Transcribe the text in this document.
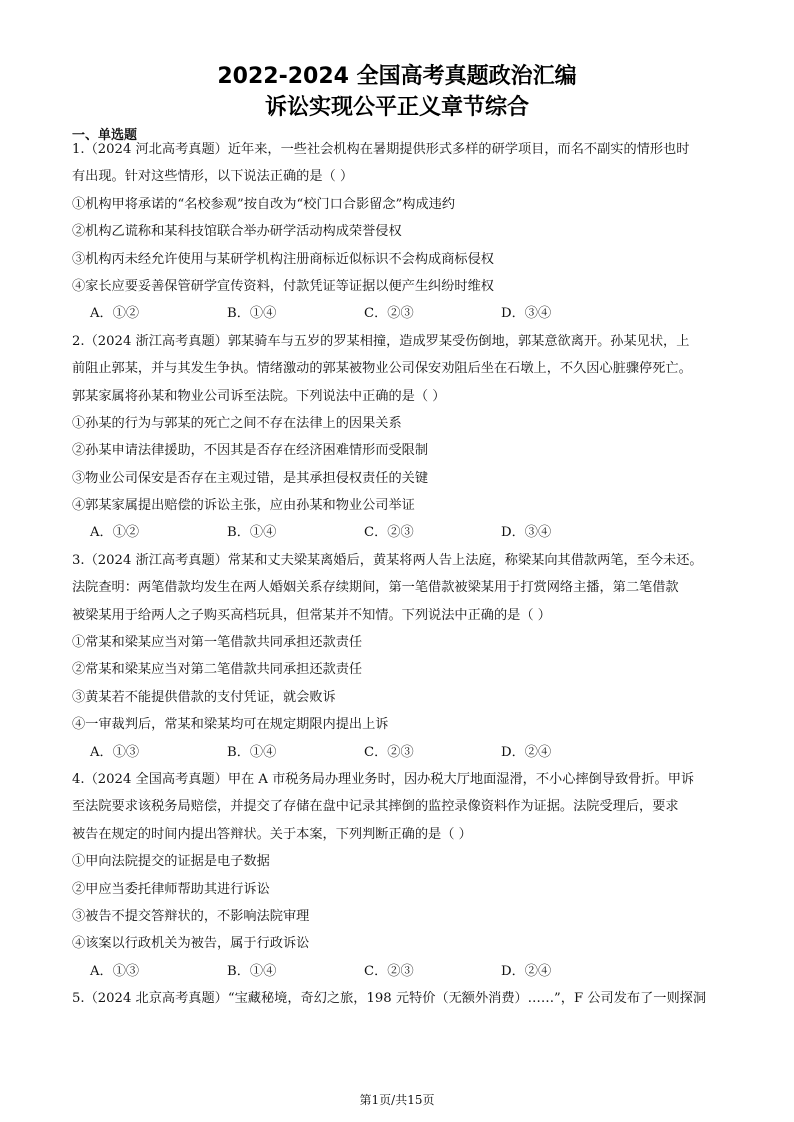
2022-2024 全国高考真题政治汇编
诉讼实现公平正义章节综合
一、单选题
1.（2024 河北高考真题）近年来，一些社会机构在暑期提供形式多样的研学项目，而名不副实的情形也时
有出现。针对这些情形，以下说法正确的是（ ）
①机构甲将承诺的“名校参观”按自改为“校门口合影留念”构成违约
②机构乙谎称和某科技馆联合举办研学活动构成荣誉侵权
③机构丙未经允许使用与某研学机构注册商标近似标识不会构成商标侵权
④家长应要妥善保管研学宣传资料，付款凭证等证据以便产生纠纷时维权
A．①②	B．①④	C．②③	D．③④
2.（2024 浙江高考真题）郭某骑车与五岁的罗某相撞，造成罗某受伤倒地，郭某意欲离开。孙某见状，上
前阻止郭某，并与其发生争执。情绪激动的郭某被物业公司保安劝阻后坐在石墩上，不久因心脏骤停死亡。
郭某家属将孙某和物业公司诉至法院。下列说法中正确的是（ ）
①孙某的行为与郭某的死亡之间不存在法律上的因果关系
②孙某申请法律援助，不因其是否存在经济困难情形而受限制
③物业公司保安是否存在主观过错，是其承担侵权责任的关键
④郭某家属提出赔偿的诉讼主张，应由孙某和物业公司举证
A．①②	B．①④	C．②③	D．③④
3.（2024 浙江高考真题）常某和丈夫梁某离婚后，黄某将两人告上法庭，称梁某向其借款两笔，至今未还。
法院查明：两笔借款均发生在两人婚姻关系存续期间，第一笔借款被梁某用于打赏网络主播，第二笔借款
被梁某用于给两人之子购买高档玩具，但常某并不知情。下列说法中正确的是（ ）
①常某和梁某应当对第一笔借款共同承担还款责任
②常某和梁某应当对第二笔借款共同承担还款责任
③黄某若不能提供借款的支付凭证，就会败诉
④一审裁判后，常某和梁某均可在规定期限内提出上诉
A．①③	B．①④	C．②③	D．②④
4.（2024 全国高考真题）甲在 A 市税务局办理业务时，因办税大厅地面湿滑，不小心摔倒导致骨折。甲诉
至法院要求该税务局赔偿，并提交了存储在盘中记录其摔倒的监控录像资料作为证据。法院受理后，要求
被告在规定的时间内提出答辩状。关于本案，下列判断正确的是（ ）
①甲向法院提交的证据是电子数据
②甲应当委托律师帮助其进行诉讼
③被告不提交答辩状的，不影响法院审理
④该案以行政机关为被告，属于行政诉讼
A．①③	B．①④	C．②③	D．②④
5.（2024 北京高考真题）“宝藏秘境，奇幻之旅，198 元特价（无额外消费）……”，F 公司发布了一则探洞
第1页/共15页
